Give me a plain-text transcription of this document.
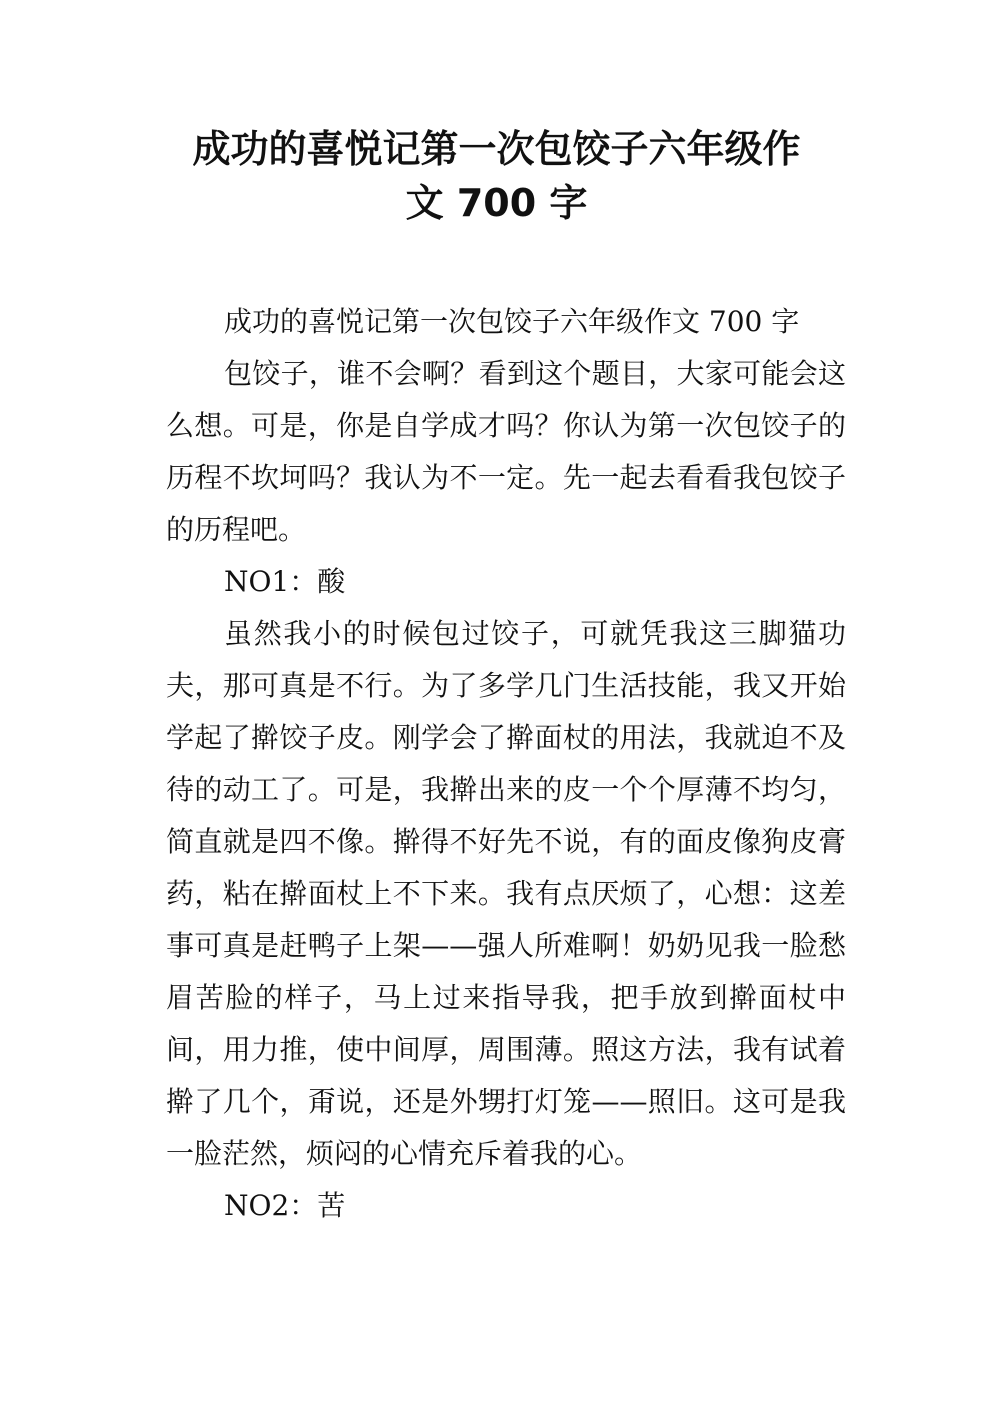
成功的喜悦记第一次包饺子六年级作
文 700 字

成功的喜悦记第一次包饺子六年级作文 700 字

包饺子，谁不会啊？看到这个题目，大家可能会这么想。可是，你是自学成才吗？你认为第一次包饺子的历程不坎坷吗？我认为不一定。先一起去看看我包饺子的历程吧。

NO1：酸

虽然我小的时候包过饺子，可就凭我这三脚猫功夫，那可真是不行。为了多学几门生活技能，我又开始学起了擀饺子皮。刚学会了擀面杖的用法，我就迫不及待的动工了。可是，我擀出来的皮一个个厚薄不均匀，简直就是四不像。擀得不好先不说，有的面皮像狗皮膏药，粘在擀面杖上不下来。我有点厌烦了，心想：这差事可真是赶鸭子上架——强人所难啊！奶奶见我一脸愁眉苦脸的样子，马上过来指导我，把手放到擀面杖中间，用力推，使中间厚，周围薄。照这方法，我有试着擀了几个，甭说，还是外甥打灯笼——照旧。这可是我一脸茫然，烦闷的心情充斥着我的心。

NO2：苦
